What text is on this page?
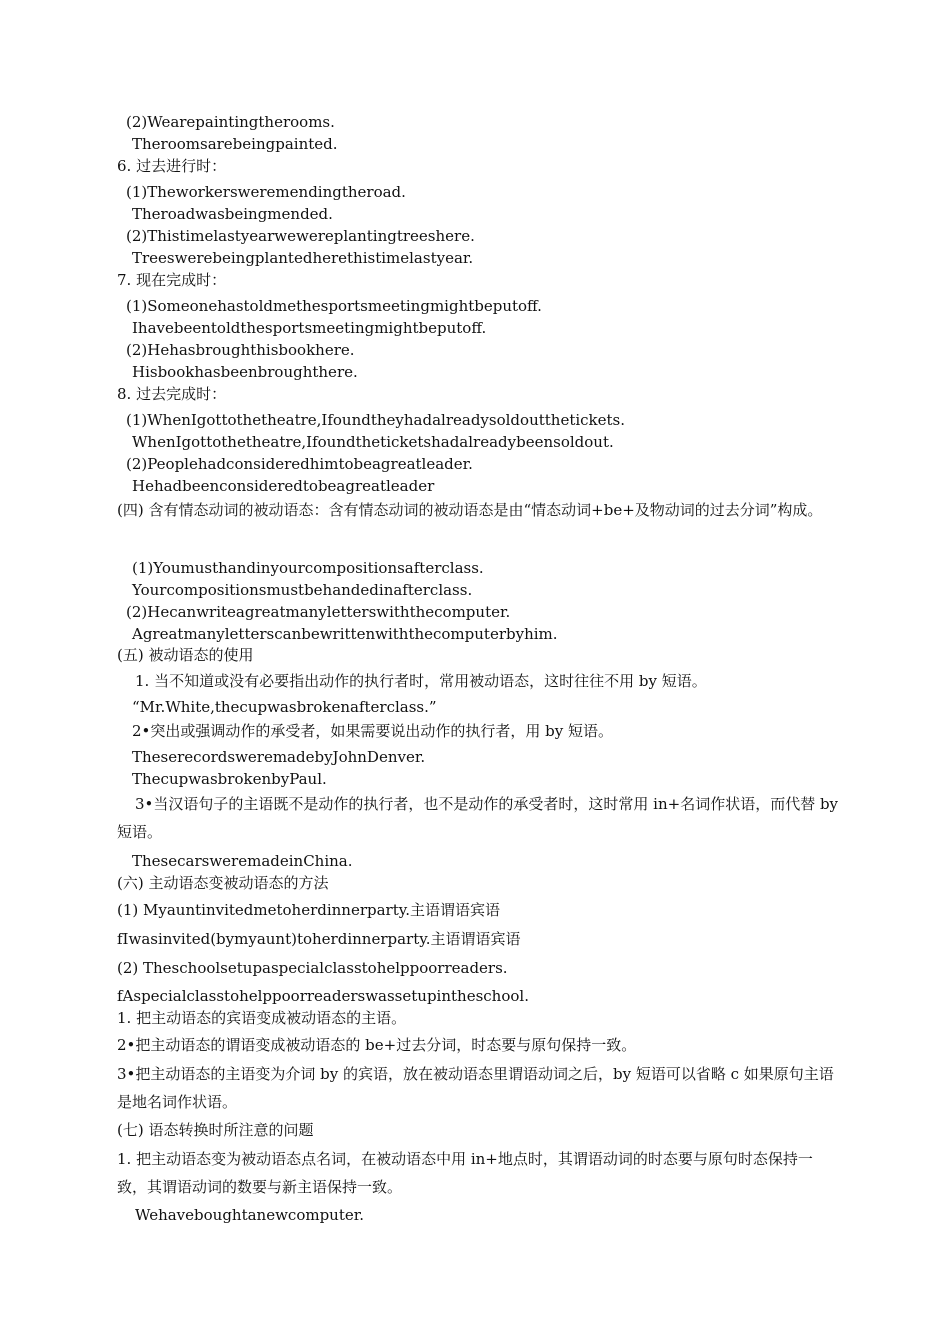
(2)Wearepaintingtherooms.
Theroomsarebeingpainted.
6. 过去进行时：
(1)Theworkersweremendingtheroad.
Theroadwasbeingmended.
(2)Thistimelastyearwewereplantingtreeshere.
Treeswerebeingplantedherethistimelastyear.
7. 现在完成时：
(1)Someonehastoldmethesportsmeetingmightbeputoff.
Ihavebeentoldthesportsmeetingmightbeputoff.
(2)Hehasbroughthisbookhere.
Hisbookhasbeenbroughthere.
8. 过去完成时：
(1)WhenIgottothetheatre,Ifoundtheyhadalreadysoldoutthetickets.
WhenIgottothetheatre,Ifoundtheticketshadalreadybeensoldout.
(2)Peoplehadconsideredhimtobeagreatleader.
Hehadbeenconsideredtobeagreatleader
(四) 含有情态动词的被动语态：含有情态动词的被动语态是由“情态动词+be+及物动词的过去分词”构成。
(1)Youmusthandinyourcompositionsafterclass.
Yourcompositionsmustbehandedinafterclass.
(2)Hecanwriteagreatmanyletterswiththecomputer.
Agreatmanyletterscanbewrittenwiththecomputerbyhim.
(五) 被动语态的使用
1. 当不知道或没有必要指出动作的执行者时，常用被动语态，这时往往不用 by 短语。
“Mr.White,thecupwasbrokenafterclass.”
2•突出或强调动作的承受者，如果需要说出动作的执行者，用 by 短语。
TheserecordsweremadebyJohnDenver.
ThecupwasbrokenbyPaul.
3•当汉语句子的主语既不是动作的执行者，也不是动作的承受者时，这时常用 in+名词作状语，而代替 by 短语。
ThesecarsweremadeinChina.
(六) 主动语态变被动语态的方法
(1) Myauntinvitedmetoherdinnerparty.主语谓语宾语
fIwasinvited(bymyaunt)toherdinnerparty.主语谓语宾语
(2) Theschoolsetupaspecialclasstohelppoorreaders.
fAspecialclasstohelppoorreaderswassetupintheschool.
1. 把主动语态的宾语变成被动语态的主语。
2•把主动语态的谓语变成被动语态的 be+过去分词，时态要与原句保持一致。
3•把主动语态的主语变为介词 by 的宾语，放在被动语态里谓语动词之后，by 短语可以省略 c 如果原句主语是地名词作状语。
(七) 语态转换时所注意的问题
1. 把主动语态变为被动语态点名词，在被动语态中用 in+地点时，其谓语动词的时态要与原句时态保持一致，其谓语动词的数要与新主语保持一致。
Wehaveboughtanewcomputer.
